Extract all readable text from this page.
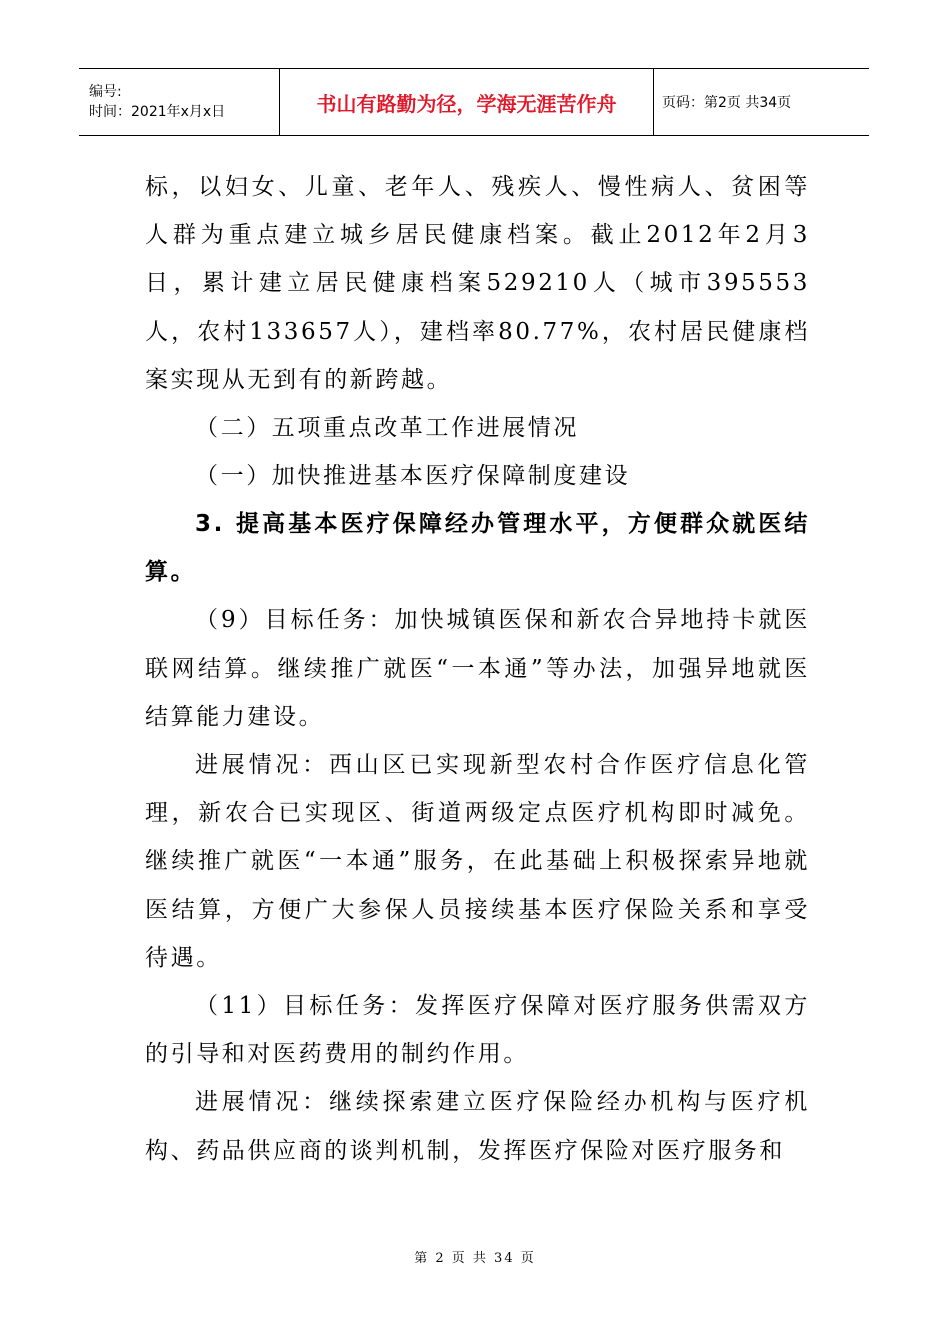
编号:
时间：2021年x月x日	书山有路勤为径，学海无涯苦作舟	页码：第2页 共34页

标，以妇女、儿童、老年人、残疾人、慢性病人、贫困等人群为重点建立城乡居民健康档案。截止2012年2月3日，累计建立居民健康档案529210人（城市395553人，农村133657人），建档率80.77%，农村居民健康档案实现从无到有的新跨越。

（二）五项重点改革工作进展情况

（一）加快推进基本医疗保障制度建设

3. 提高基本医疗保障经办管理水平，方便群众就医结算。

（9）目标任务：加快城镇医保和新农合异地持卡就医联网结算。继续推广就医“一本通”等办法，加强异地就医结算能力建设。

进展情况：西山区已实现新型农村合作医疗信息化管理，新农合已实现区、街道两级定点医疗机构即时减免。继续推广就医“一本通”服务，在此基础上积极探索异地就医结算，方便广大参保人员接续基本医疗保险关系和享受待遇。

（11）目标任务：发挥医疗保障对医疗服务供需双方的引导和对医药费用的制约作用。

进展情况：继续探索建立医疗保险经办机构与医疗机构、药品供应商的谈判机制，发挥医疗保险对医疗服务和

第 2 页 共 34 页
